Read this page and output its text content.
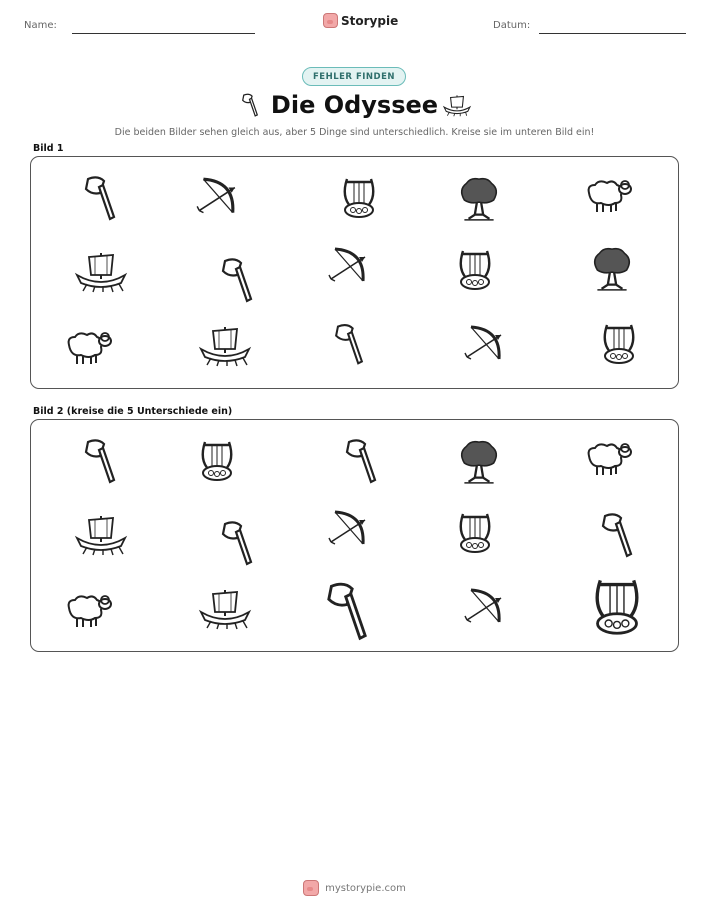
Name:	Storypie	Datum:
FEHLER FINDEN
Die Odyssee
Die beiden Bilder sehen gleich aus, aber 5 Dinge sind unterschiedlich. Kreise sie im unteren Bild ein!
Bild 1
Bild 2 (kreise die 5 Unterschiede ein)
mystorypie.com
